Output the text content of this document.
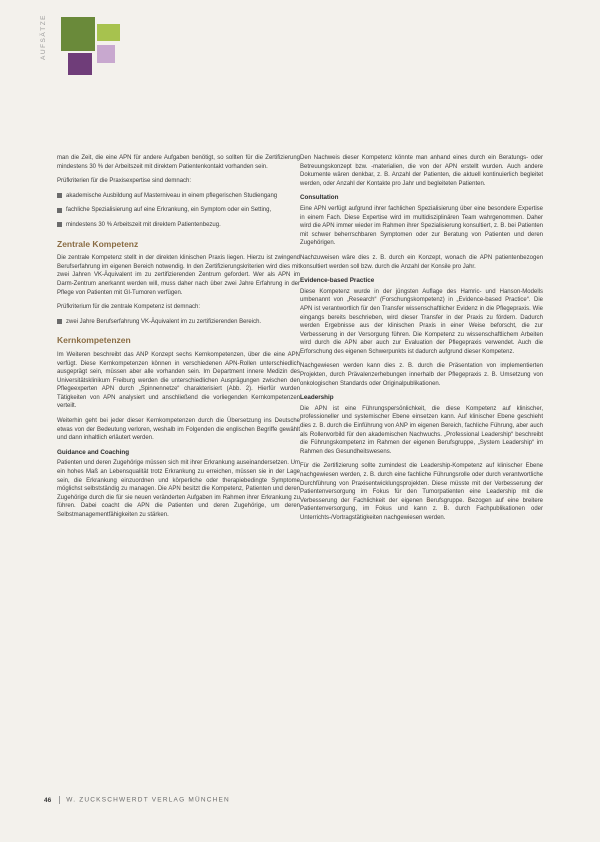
AUFSÄTZE

man die Zeit, die eine APN für andere Aufgaben benötigt, so sollten für die Zertifizierung mindestens 30 % der Arbeitszeit mit direktem Patientenkontakt vorhanden sein.

Prüfkriterien für die Praxisexpertise sind demnach:

akademische Ausbildung auf Masterniveau in einem pflegerischen Studiengang
fachliche Spezialisierung auf eine Erkrankung, ein Symptom oder ein Setting,
mindestens 30 % Arbeitszeit mit direktem Patientenbezug.
Zentrale Kompetenz

Die zentrale Kompetenz stellt in der direkten klinischen Praxis liegen. Hierzu ist zwingend Berufserfahrung im eigenen Bereich notwendig. In den Zertifizierungskriterien wird dies mit zwei Jahren VK-Äquivalent im zu zertifizierenden Zentrum gefordert. Wer als APN im Darm-Zentrum anerkannt werden will, muss daher nach über zwei Jahre Erfahrung in der Pflege von Patienten mit GI-Tumoren verfügen.

Prüfkriterium für die zentrale Kompetenz ist demnach:

zwei Jahre Berufserfahrung VK-Äquivalent im zu zertifizierenden Bereich.
Kernkompetenzen

Im Weiteren beschreibt das ANP Konzept sechs Kernkompetenzen, über die eine APN verfügt. Diese Kernkompetenzen können in verschiedenen APN-Rollen unterschiedlich ausgeprägt sein, müssen aber alle vorhanden sein. Im Department innere Medizin des Universitätsklinikum Freiburg werden die unterschiedlichen Ausprägungen zwischen den Pflegeexperten APN durch „Spinnennetze“ charakterisiert (Abb. 2). Hierfür wurden Tätigkeiten von APN analysiert und anschließend die vorliegenden Kernkompetenzen verteilt.

Weiterhin geht bei jeder dieser Kernkompetenzen durch die Übersetzung ins Deutsche etwas von der Bedeutung verloren, weshalb im Folgenden die englischen Begriffe gewählt und dann inhaltlich erläutert werden.

Guidance and Coaching

Patienten und deren Zugehörige müssen sich mit ihrer Erkrankung auseinandersetzen. Um ein hohes Maß an Lebensqualität trotz Erkrankung zu erreichen, müssen sie in der Lage sein, die Erkrankung einzuordnen und körperliche oder therapiebedingte Symptome möglichst selbstständig zu managen. Die APN besitzt die Kompetenz, Patienten und deren Zugehörige durch die für sie neuen veränderten Aufgaben im Rahmen ihrer Erkrankung zu führen. Dabei coacht die APN die Patienten und deren Zugehörige, um deren Selbstmanagementfähigkeiten zu stärken.

Den Nachweis dieser Kompetenz könnte man anhand eines durch ein Beratungs- oder Betreuungskonzept bzw. -materialien, die von der APN erstellt wurden. Auch andere Dokumente wären denkbar, z. B. Anzahl der Patienten, die aktuell kontinuierlich begleitet werden, oder Anzahl der Kontakte pro Jahr und begleiteten Patienten.

Consultation

Eine APN verfügt aufgrund ihrer fachlichen Spezialisierung über eine besondere Expertise in einem Fach. Diese Expertise wird im multidisziplinären Team wahrgenommen. Daher wird die APN immer wieder im Rahmen ihrer Spezialisierung konsultiert, z. B. bei Patienten mit schwer beherrschbaren Symptomen oder zur Beratung von Patienten und deren Zugehörigen.

Nachzuweisen wäre dies z. B. durch ein Konzept, wonach die APN patientenbezogen konsultiert werden soll bzw. durch die Anzahl der Konsile pro Jahr.

Evidence-based Practice

Diese Kompetenz wurde in der jüngsten Auflage des Hamric- und Hanson-Modells umbenannt von „Research“ (Forschungskompetenz) in „Evidence-based Practice“. Die APN ist verantwortlich für den Transfer wissenschaftlicher Evidenz in die Pflegepraxis. Wie eingangs bereits beschrieben, wird dieser Transfer in der Praxis zu fördern. Dadurch werden Ergebnisse aus der klinischen Praxis in einer Weise beforscht, die zur Verbesserung in der Versorgung führen. Die Kompetenz zu wissenschaftlichem Arbeiten wird durch die APN aber auch zur Evaluation der Pflegepraxis verwendet. Auch die Erforschung des eigenen Schwerpunkts ist dadurch aufgrund dieser Kompetenz.

Nachgewiesen werden kann dies z. B. durch die Präsentation von implementierten Projekten, durch Prävalenzerhebungen innerhalb der Pflegepraxis z. B. Umsetzung von onkologischen Standards oder Originalpublikationen.

Leadership

Die APN ist eine Führungspersönlichkeit, die diese Kompetenz auf klinischer, professioneller und systemischer Ebene einsetzen kann. Auf klinischer Ebene geschieht dies z. B. durch die Einführung von ANP im eigenen Bereich, fachliche Führung, aber auch als Rollenvorbild für den akademischen Nachwuchs. „Professional Leadership“ beschreibt die Führungskompetenz im Rahmen der eigenen Berufsgruppe, „System Leadership“ im Rahmen des Gesundheitswesens.

Für die Zertifizierung sollte zumindest die Leadership-Kompetenz auf klinischer Ebene nachgewiesen werden, z. B. durch eine fachliche Führungsrolle oder durch verantwortliche Durchführung von Praxisentwicklungsprojekten. Diese müsste mit der Verbesserung der Patientenversorgung im Fokus für den Tumorpatienten eine Leadership mit die Verbesserung der Fachlichkeit der eigenen Berufsgruppe. Bezogen auf eine breitere Patientenversorgung, im Fokus und kann z. B. durch Fachpublikationen oder Unterrichts-/Vortragstätigkeiten nachgewiesen werden.

46 W. ZUCKSCHWERDT VERLAG MÜNCHEN
